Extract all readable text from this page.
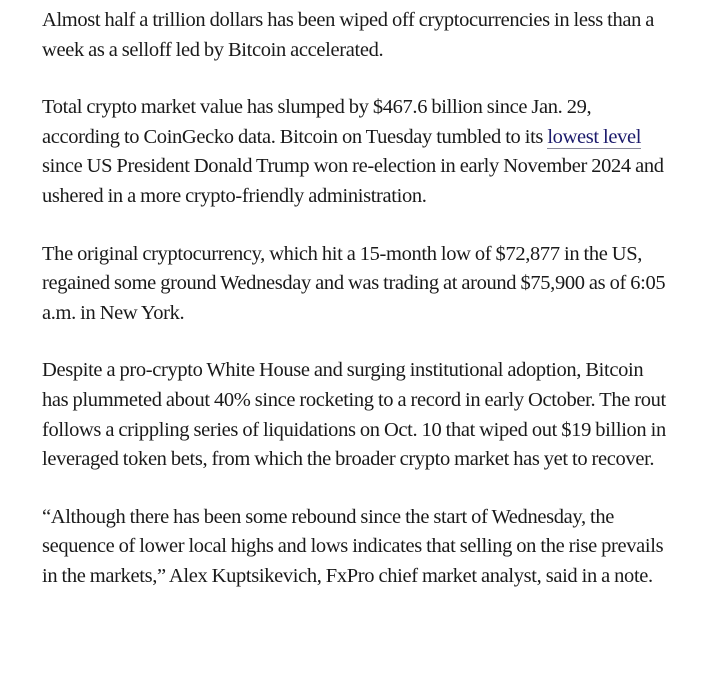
Almost half a trillion dollars has been wiped off cryptocurrencies in less than a week as a selloff led by Bitcoin accelerated.

Total crypto market value has slumped by $467.6 billion since Jan. 29, according to CoinGecko data. Bitcoin on Tuesday tumbled to its lowest level since US President Donald Trump won re-election in early November 2024 and ushered in a more crypto-friendly administration.

The original cryptocurrency, which hit a 15-month low of $72,877 in the US, regained some ground Wednesday and was trading at around $75,900 as of 6:05 a.m. in New York.

Despite a pro-crypto White House and surging institutional adoption, Bitcoin has plummeted about 40% since rocketing to a record in early October. The rout follows a crippling series of liquidations on Oct. 10 that wiped out $19 billion in leveraged token bets, from which the broader crypto market has yet to recover.

“Although there has been some rebound since the start of Wednesday, the sequence of lower local highs and lows indicates that selling on the rise prevails in the markets,” Alex Kuptsikevich, FxPro chief market analyst, said in a note.
